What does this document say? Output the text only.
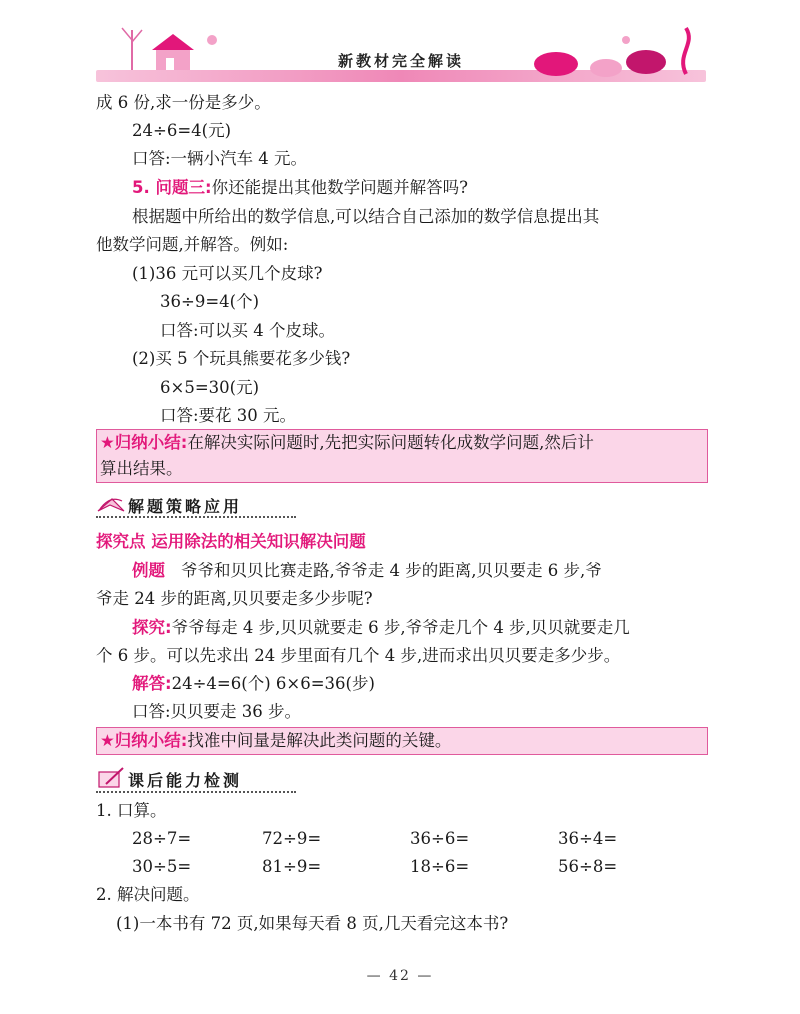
新教材完全解读
成 6 份,求一份是多少。
24÷6=4(元)
口答:一辆小汽车 4 元。
5. 问题三:你还能提出其他数学问题并解答吗?
根据题中所给出的数学信息,可以结合自己添加的数学信息提出其
他数学问题,并解答。例如:
(1)36 元可以买几个皮球?
36÷9=4(个)
口答:可以买 4 个皮球。
(2)买 5 个玩具熊要花多少钱?
6×5=30(元)
口答:要花 30 元。
★归纳小结:在解决实际问题时,先把实际问题转化成数学问题,然后计
算出结果。
解题策略应用
探究点 运用除法的相关知识解决问题
例题 爷爷和贝贝比赛走路,爷爷走 4 步的距离,贝贝要走 6 步,爷
爷走 24 步的距离,贝贝要走多少步呢?
探究:爷爷每走 4 步,贝贝就要走 6 步,爷爷走几个 4 步,贝贝就要走几
个 6 步。可以先求出 24 步里面有几个 4 步,进而求出贝贝要走多少步。
解答:24÷4=6(个) 6×6=36(步)
口答:贝贝要走 36 步。
★归纳小结:找准中间量是解决此类问题的关键。
课后能力检测
1. 口算。
28÷7=	72÷9=	36÷6=	36÷4=
30÷5=	81÷9=	18÷6=	56÷8=
2. 解决问题。
(1)一本书有 72 页,如果每天看 8 页,几天看完这本书?
— 42 —
